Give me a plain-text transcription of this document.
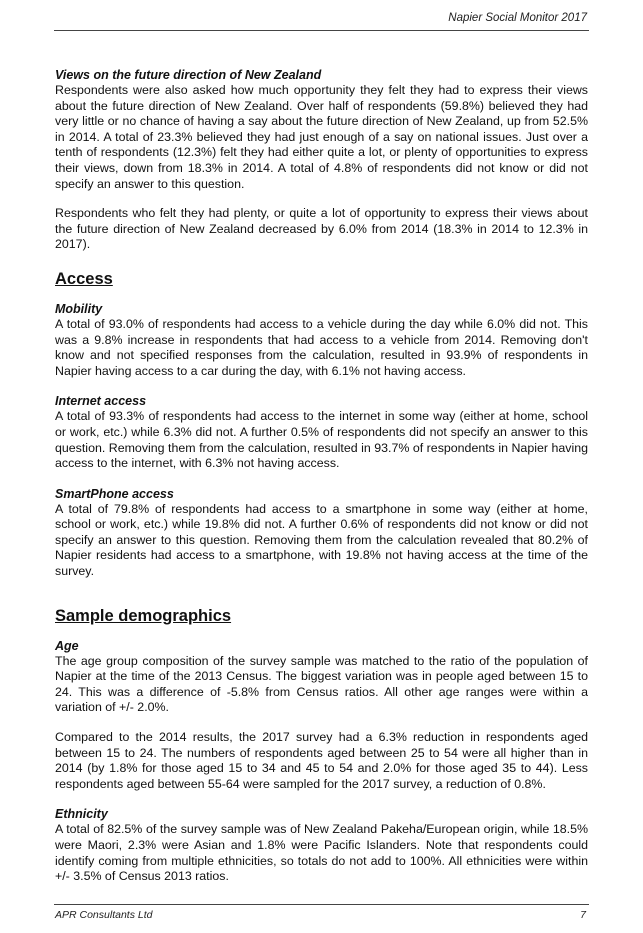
Napier Social Monitor 2017

Views on the future direction of New Zealand

Respondents were also asked how much opportunity they felt they had to express their views about the future direction of New Zealand. Over half of respondents (59.8%) believed they had very little or no chance of having a say about the future direction of New Zealand, up from 52.5% in 2014. A total of 23.3% believed they had just enough of a say on national issues. Just over a tenth of respondents (12.3%) felt they had either quite a lot, or plenty of opportunities to express their views, down from 18.3% in 2014. A total of 4.8% of respondents did not know or did not specify an answer to this question.

Respondents who felt they had plenty, or quite a lot of opportunity to express their views about the future direction of New Zealand decreased by 6.0% from 2014 (18.3% in 2014 to 12.3% in 2017).

Access

Mobility

A total of 93.0% of respondents had access to a vehicle during the day while 6.0% did not. This was a 9.8% increase in respondents that had access to a vehicle from 2014. Removing don't know and not specified responses from the calculation, resulted in 93.9% of respondents in Napier having access to a car during the day, with 6.1% not having access.

Internet access

A total of 93.3% of respondents had access to the internet in some way (either at home, school or work, etc.) while 6.3% did not. A further 0.5% of respondents did not specify an answer to this question. Removing them from the calculation, resulted in 93.7% of respondents in Napier having access to the internet, with 6.3% not having access.

SmartPhone access

A total of 79.8% of respondents had access to a smartphone in some way (either at home, school or work, etc.) while 19.8% did not. A further 0.6% of respondents did not know or did not specify an answer to this question. Removing them from the calculation revealed that 80.2% of Napier residents had access to a smartphone, with 19.8% not having access at the time of the survey.

Sample demographics

Age

The age group composition of the survey sample was matched to the ratio of the population of Napier at the time of the 2013 Census. The biggest variation was in people aged between 15 to 24. This was a difference of -5.8% from Census ratios. All other age ranges were within a variation of +/- 2.0%.

Compared to the 2014 results, the 2017 survey had a 6.3% reduction in respondents aged between 15 to 24. The numbers of respondents aged between 25 to 54 were all higher than in 2014 (by 1.8% for those aged 15 to 34 and 45 to 54 and 2.0% for those aged 35 to 44). Less respondents aged between 55-64 were sampled for the 2017 survey, a reduction of 0.8%.

Ethnicity

A total of 82.5% of the survey sample was of New Zealand Pakeha/European origin, while 18.5% were Maori, 2.3% were Asian and 1.8% were Pacific Islanders. Note that respondents could identify coming from multiple ethnicities, so totals do not add to 100%. All ethnicities were within +/- 3.5% of Census 2013 ratios.

APR Consultants Ltd	7
